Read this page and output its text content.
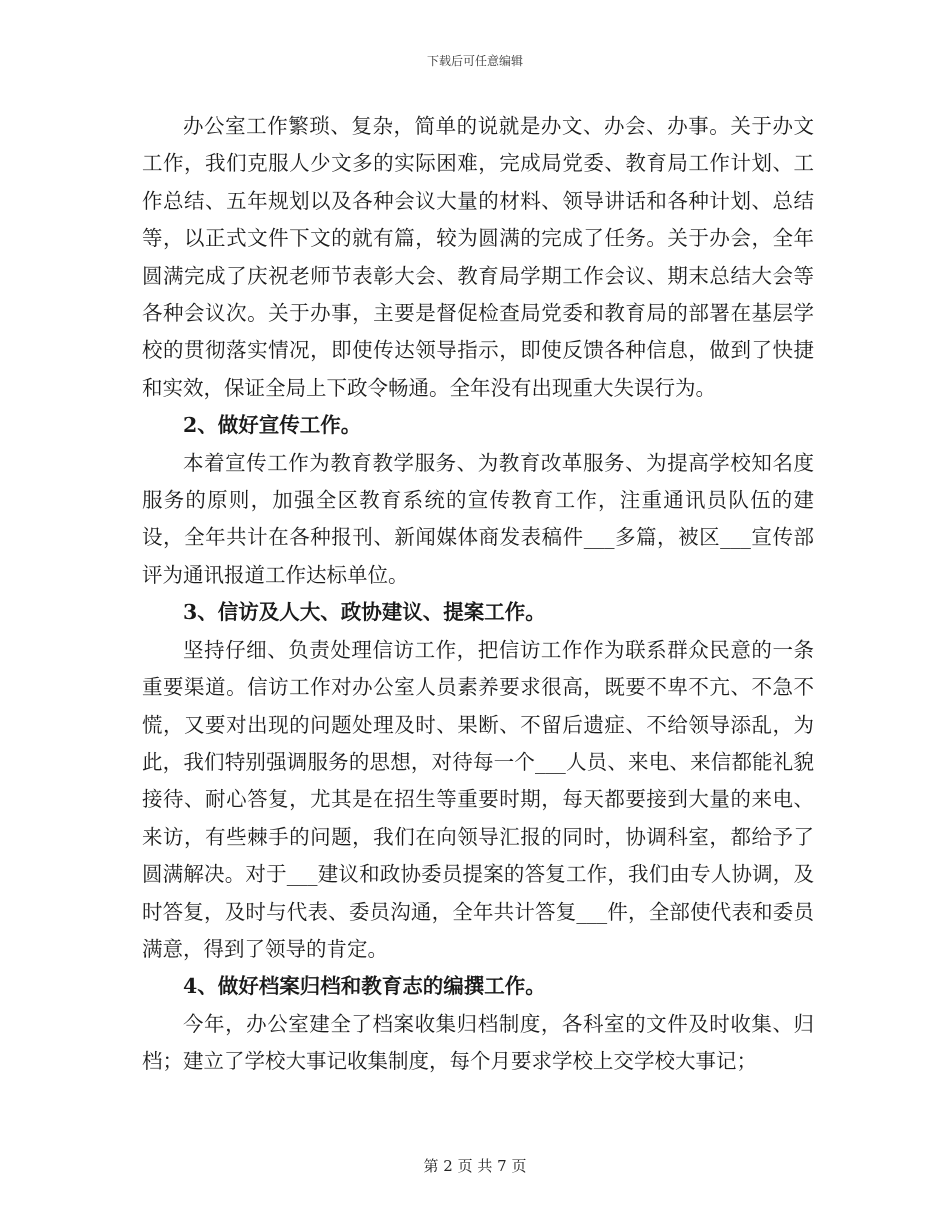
下载后可任意编辑

办公室工作繁琐、复杂，简单的说就是办文、办会、办事。关于办文工作，我们克服人少文多的实际困难，完成局党委、教育局工作计划、工作总结、五年规划以及各种会议大量的材料、领导讲话和各种计划、总结等，以正式文件下文的就有篇，较为圆满的完成了任务。关于办会，全年圆满完成了庆祝老师节表彰大会、教育局学期工作会议、期末总结大会等各种会议次。关于办事，主要是督促检查局党委和教育局的部署在基层学校的贯彻落实情况，即使传达领导指示，即使反馈各种信息，做到了快捷和实效，保证全局上下政令畅通。全年没有出现重大失误行为。

2、做好宣传工作。

本着宣传工作为教育教学服务、为教育改革服务、为提高学校知名度服务的原则，加强全区教育系统的宣传教育工作，注重通讯员队伍的建设，全年共计在各种报刊、新闻媒体商发表稿件___多篇，被区___宣传部评为通讯报道工作达标单位。

3、信访及人大、政协建议、提案工作。

坚持仔细、负责处理信访工作，把信访工作作为联系群众民意的一条重要渠道。信访工作对办公室人员素养要求很高，既要不卑不亢、不急不慌，又要对出现的问题处理及时、果断、不留后遗症、不给领导添乱，为此，我们特别强调服务的思想，对待每一个___人员、来电、来信都能礼貌接待、耐心答复，尤其是在招生等重要时期，每天都要接到大量的来电、来访，有些棘手的问题，我们在向领导汇报的同时，协调科室，都给予了圆满解决。对于___建议和政协委员提案的答复工作，我们由专人协调，及时答复，及时与代表、委员沟通，全年共计答复___件，全部使代表和委员满意，得到了领导的肯定。

4、做好档案归档和教育志的编撰工作。

今年，办公室建全了档案收集归档制度，各科室的文件及时收集、归档；建立了学校大事记收集制度，每个月要求学校上交学校大事记；

第 2 页 共 7 页
